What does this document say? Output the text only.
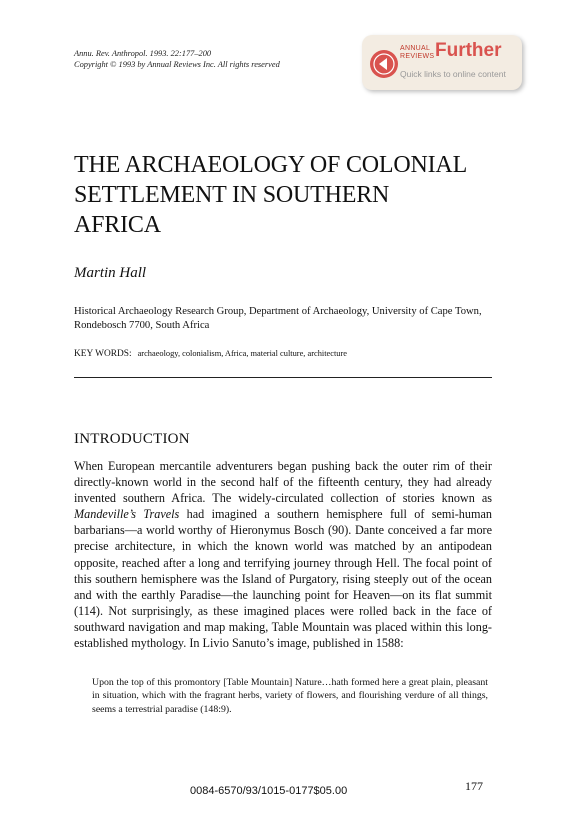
Annu. Rev. Anthropol. 1993. 22:177–200
Copyright © 1993 by Annual Reviews Inc. All rights reserved
ANNUAL
REVIEWS Further
Quick links to online content
THE ARCHAEOLOGY OF COLONIAL
SETTLEMENT IN SOUTHERN
AFRICA
Martin Hall
Historical Archaeology Research Group, Department of Archaeology, University of Cape Town, Rondebosch 7700, South Africa
KEY WORDS: archaeology, colonialism, Africa, material culture, architecture
INTRODUCTION

When European mercantile adventurers began pushing back the outer rim of their directly-known world in the second half of the fifteenth century, they had already invented southern Africa. The widely-circulated collection of stories known as Mandeville’s Travels had imagined a southern hemisphere full of semi-human barbarians—a world worthy of Hieronymus Bosch (90). Dante conceived a far more precise architecture, in which the known world was matched by an antipodean opposite, reached after a long and terrifying journey through Hell. The focal point of this southern hemisphere was the Island of Purgatory, rising steeply out of the ocean and with the earthly Paradise—the launching point for Heaven—on its flat summit (114). Not surprisingly, as these imagined places were rolled back in the face of southward navigation and map making, Table Mountain was placed within this long-established mythology. In Livio Sanuto’s image, published in 1588:

Upon the top of this promontory [Table Mountain] Nature…hath formed here a great plain, pleasant in situation, which with the fragrant herbs, variety of flowers, and flourishing verdure of all things, seems a terrestrial paradise (148:9).
0084-6570/93/1015-0177$05.00	177
